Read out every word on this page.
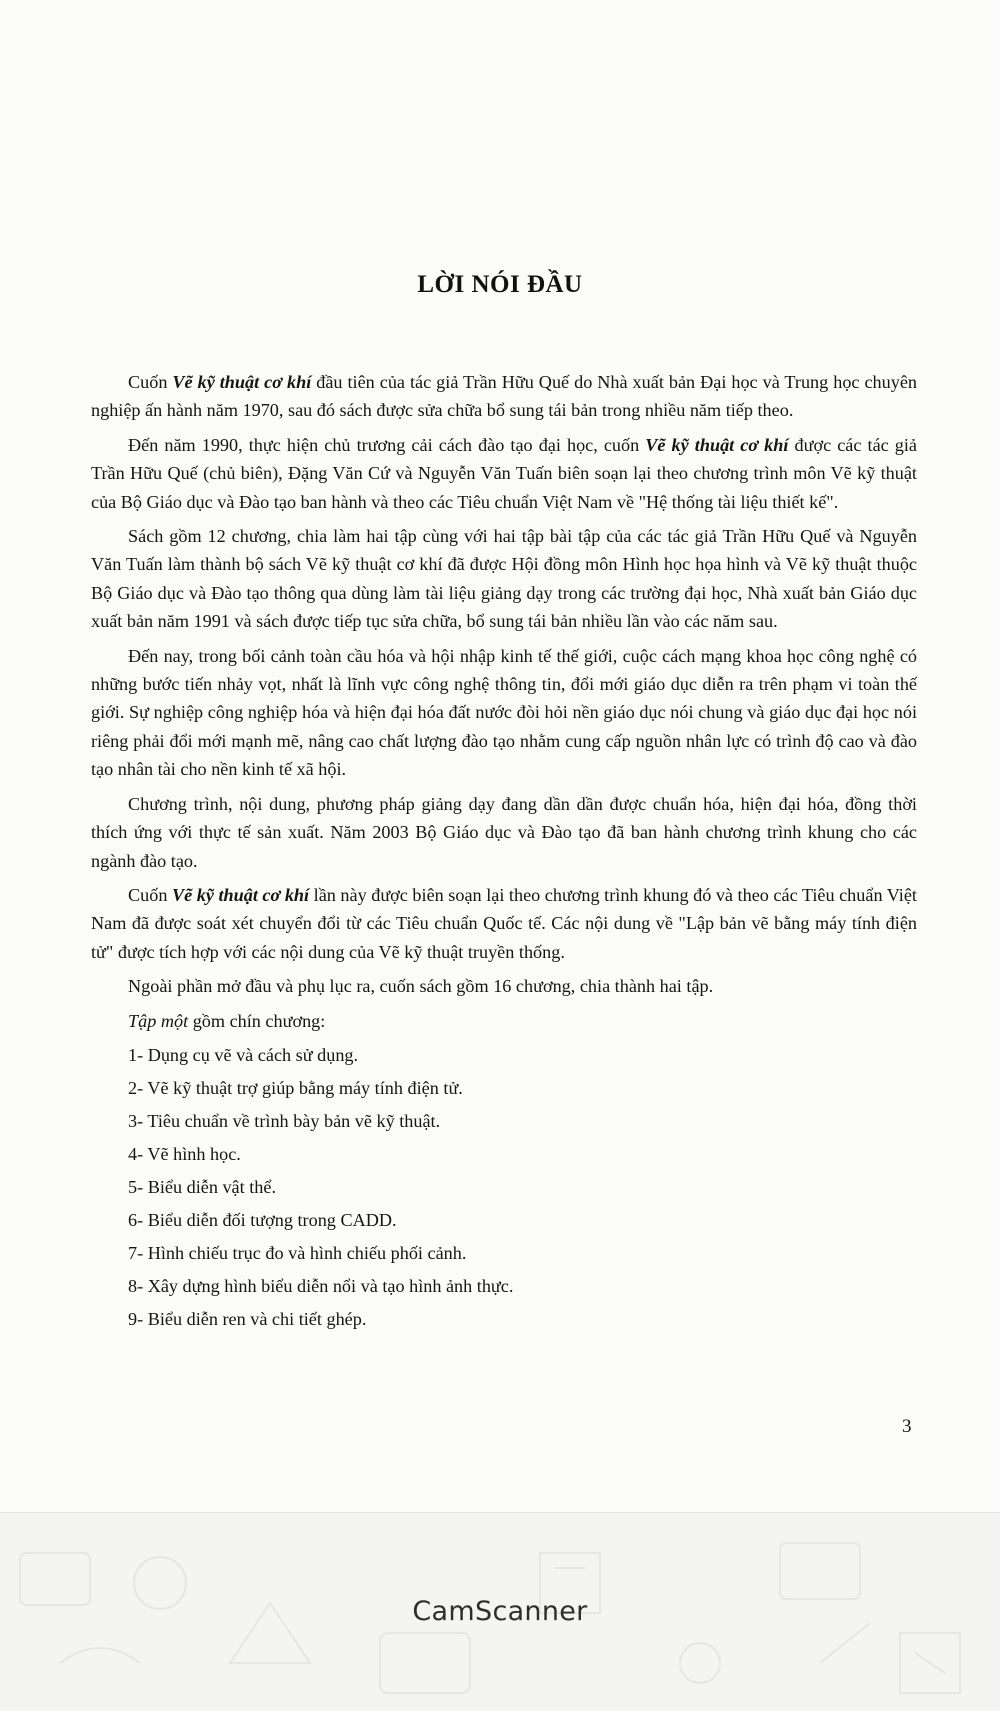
LỜI NÓI ĐẦU

Cuốn Vẽ kỹ thuật cơ khí đầu tiên của tác giả Trần Hữu Quế do Nhà xuất bản Đại học và Trung học chuyên nghiệp ấn hành năm 1970, sau đó sách được sửa chữa bổ sung tái bản trong nhiều năm tiếp theo.

Đến năm 1990, thực hiện chủ trương cải cách đào tạo đại học, cuốn Vẽ kỹ thuật cơ khí được các tác giả Trần Hữu Quế (chủ biên), Đặng Văn Cứ và Nguyễn Văn Tuấn biên soạn lại theo chương trình môn Vẽ kỹ thuật của Bộ Giáo dục và Đào tạo ban hành và theo các Tiêu chuẩn Việt Nam về "Hệ thống tài liệu thiết kế".

Sách gồm 12 chương, chia làm hai tập cùng với hai tập bài tập của các tác giả Trần Hữu Quế và Nguyễn Văn Tuấn làm thành bộ sách Vẽ kỹ thuật cơ khí đã được Hội đồng môn Hình học họa hình và Vẽ kỹ thuật thuộc Bộ Giáo dục và Đào tạo thông qua dùng làm tài liệu giảng dạy trong các trường đại học, Nhà xuất bản Giáo dục xuất bản năm 1991 và sách được tiếp tục sửa chữa, bổ sung tái bản nhiều lần vào các năm sau.

Đến nay, trong bối cảnh toàn cầu hóa và hội nhập kinh tế thế giới, cuộc cách mạng khoa học công nghệ có những bước tiến nhảy vọt, nhất là lĩnh vực công nghệ thông tin, đổi mới giáo dục diễn ra trên phạm vi toàn thế giới. Sự nghiệp công nghiệp hóa và hiện đại hóa đất nước đòi hỏi nền giáo dục nói chung và giáo dục đại học nói riêng phải đổi mới mạnh mẽ, nâng cao chất lượng đào tạo nhằm cung cấp nguồn nhân lực có trình độ cao và đào tạo nhân tài cho nền kinh tế xã hội.

Chương trình, nội dung, phương pháp giảng dạy đang dần dần được chuẩn hóa, hiện đại hóa, đồng thời thích ứng với thực tế sản xuất. Năm 2003 Bộ Giáo dục và Đào tạo đã ban hành chương trình khung cho các ngành đào tạo.

Cuốn Vẽ kỹ thuật cơ khí lần này được biên soạn lại theo chương trình khung đó và theo các Tiêu chuẩn Việt Nam đã được soát xét chuyển đổi từ các Tiêu chuẩn Quốc tế. Các nội dung về "Lập bản vẽ bằng máy tính điện tử" được tích hợp với các nội dung của Vẽ kỹ thuật truyền thống.

Ngoài phần mở đầu và phụ lục ra, cuốn sách gồm 16 chương, chia thành hai tập.

Tập một gồm chín chương:

1- Dụng cụ vẽ và cách sử dụng.
2- Vẽ kỹ thuật trợ giúp bằng máy tính điện tử.
3- Tiêu chuẩn về trình bày bản vẽ kỹ thuật.
4- Vẽ hình học.
5- Biểu diễn vật thể.
6- Biểu diễn đối tượng trong CADD.
7- Hình chiếu trục đo và hình chiếu phối cảnh.
8- Xây dựng hình biểu diễn nổi và tạo hình ảnh thực.
9- Biểu diễn ren và chi tiết ghép.
3
CamScanner
